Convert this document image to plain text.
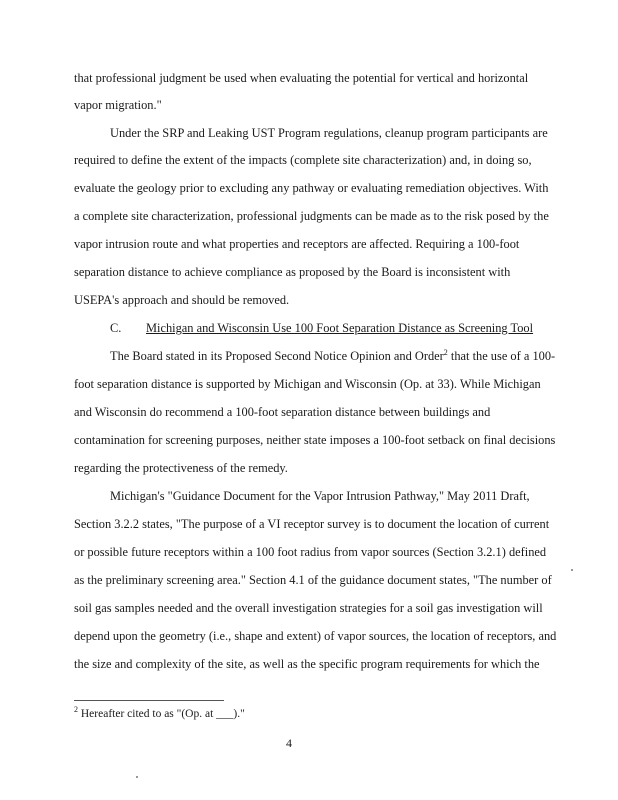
that professional judgment be used when evaluating the potential for vertical and horizontal
vapor migration."
Under the SRP and Leaking UST Program regulations, cleanup program participants are
required to define the extent of the impacts (complete site characterization) and, in doing so,
evaluate the geology prior to excluding any pathway or evaluating remediation objectives. With
a complete site characterization, professional judgments can be made as to the risk posed by the
vapor intrusion route and what properties and receptors are affected. Requiring a 100-foot
separation distance to achieve compliance as proposed by the Board is inconsistent with
USEPA's approach and should be removed.
C. Michigan and Wisconsin Use 100 Foot Separation Distance as Screening Tool
The Board stated in its Proposed Second Notice Opinion and Order$^2$ that the use of a 100-
foot separation distance is supported by Michigan and Wisconsin (Op. at 33). While Michigan
and Wisconsin do recommend a 100-foot separation distance between buildings and
contamination for screening purposes, neither state imposes a 100-foot setback on final decisions
regarding the protectiveness of the remedy.
Michigan's "Guidance Document for the Vapor Intrusion Pathway," May 2011 Draft,
Section 3.2.2 states, "The purpose of a VI receptor survey is to document the location of current
or possible future receptors within a 100 foot radius from vapor sources (Section 3.2.1) defined
as the preliminary screening area." Section 4.1 of the guidance document states, "The number of
soil gas samples needed and the overall investigation strategies for a soil gas investigation will
depend upon the geometry (i.e., shape and extent) of vapor sources, the location of receptors, and
the size and complexity of the site, as well as the specific program requirements for which the
$^2$ Hereafter cited to as "(Op. at ___)."
4
